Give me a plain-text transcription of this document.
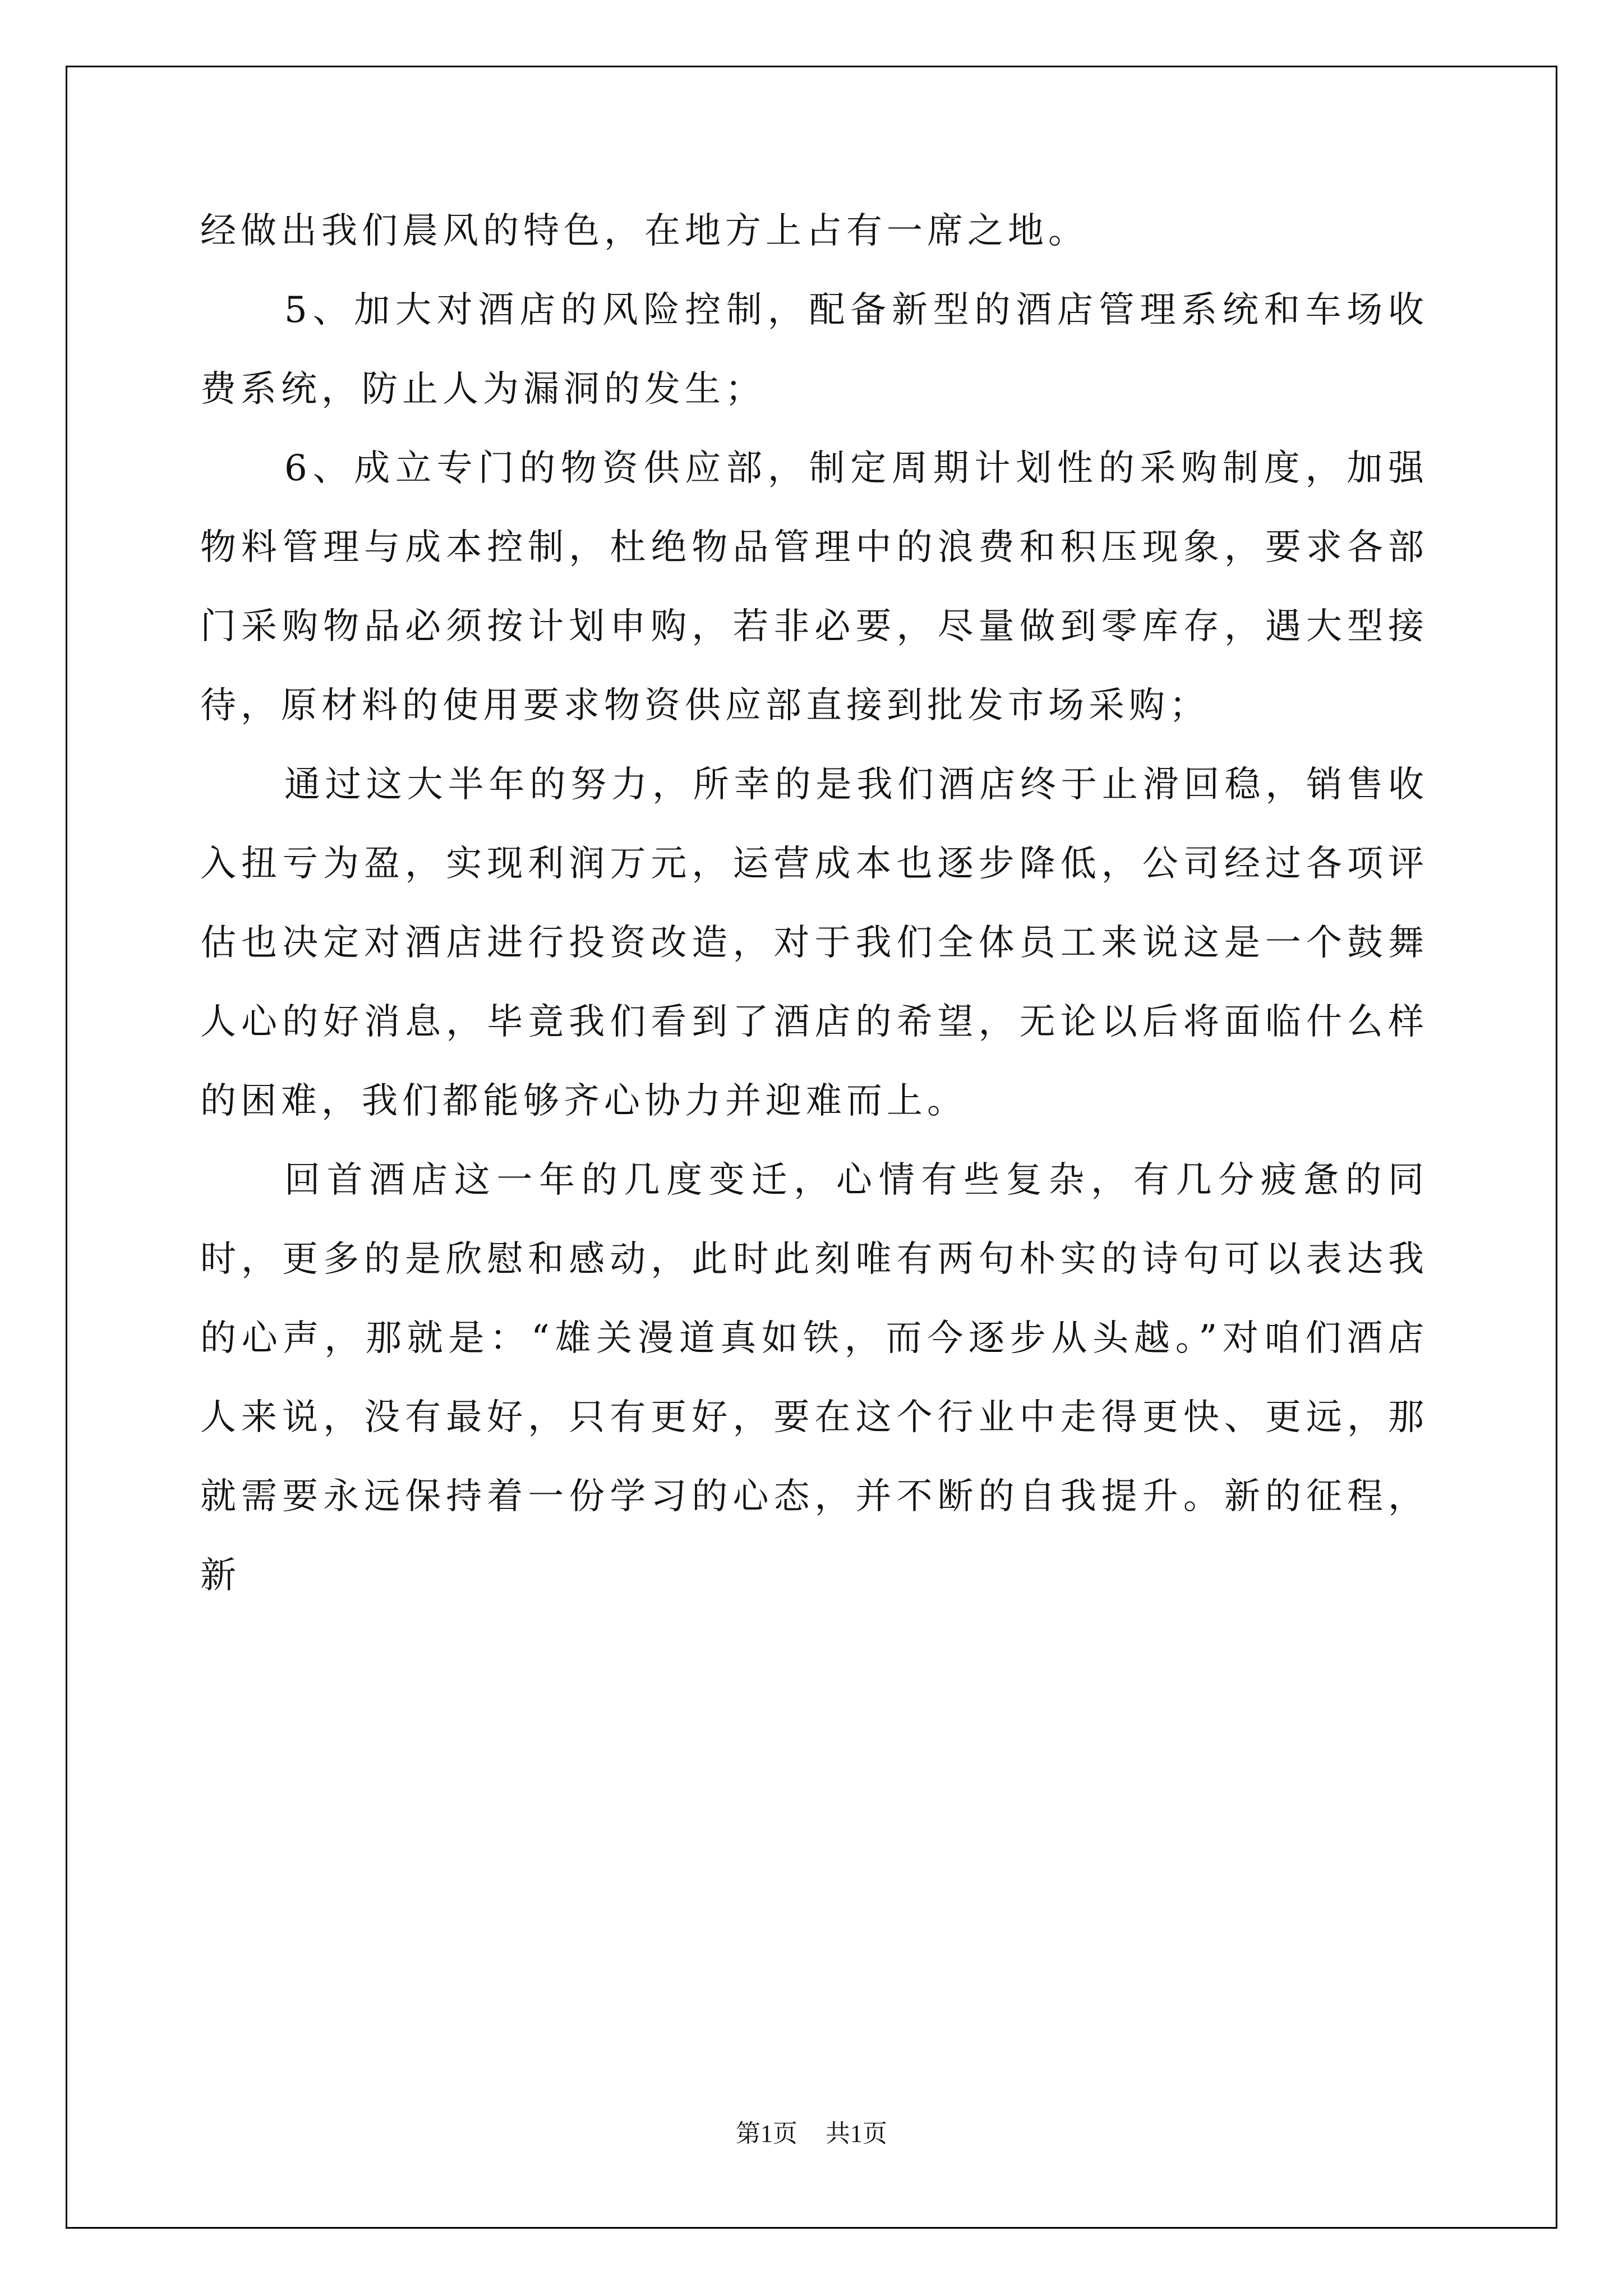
经做出我们晨风的特色，在地方上占有一席之地。

5、加大对酒店的风险控制，配备新型的酒店管理系统和车场收费系统，防止人为漏洞的发生；

6、成立专门的物资供应部，制定周期计划性的采购制度，加强物料管理与成本控制，杜绝物品管理中的浪费和积压现象，要求各部门采购物品必须按计划申购，若非必要，尽量做到零库存，遇大型接待，原材料的使用要求物资供应部直接到批发市场采购；

通过这大半年的努力，所幸的是我们酒店终于止滑回稳，销售收入扭亏为盈，实现利润万元，运营成本也逐步降低，公司经过各项评估也决定对酒店进行投资改造，对于我们全体员工来说这是一个鼓舞人心的好消息，毕竟我们看到了酒店的希望，无论以后将面临什么样的困难，我们都能够齐心协力并迎难而上。

回首酒店这一年的几度变迁，心情有些复杂，有几分疲惫的同时，更多的是欣慰和感动，此时此刻唯有两句朴实的诗句可以表达我的心声，那就是：“雄关漫道真如铁，而今逐步从头越。”对咱们酒店人来说，没有最好，只有更好，要在这个行业中走得更快、更远，那就需要永远保持着一份学习的心态，并不断的自我提升。新的征程，新

第1页 共1页
